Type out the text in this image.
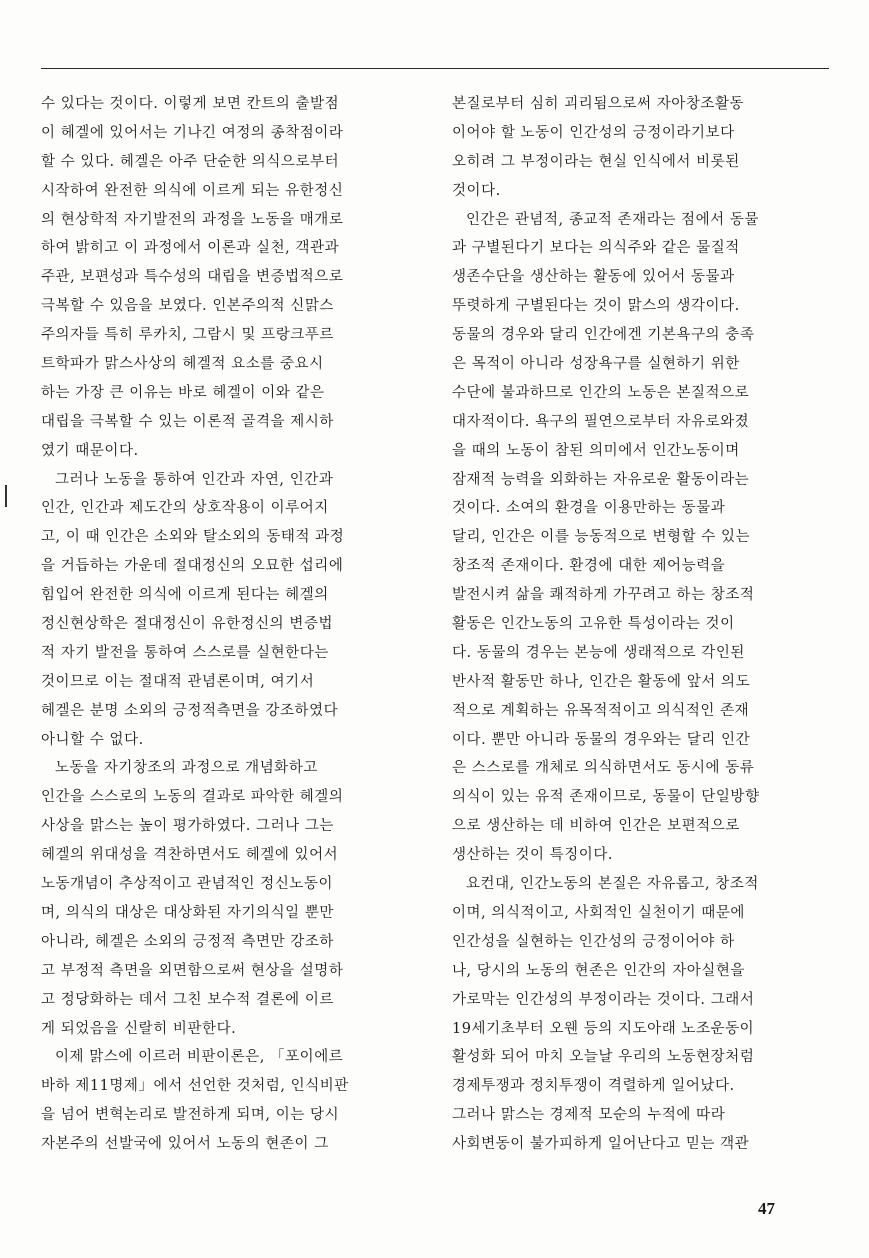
수 있다는 것이다. 이렇게 보면 칸트의 출발점
이 헤겔에 있어서는 기나긴 여정의 종착점이라
할 수 있다. 헤겔은 아주 단순한 의식으로부터
시작하여 완전한 의식에 이르게 되는 유한정신
의 현상학적 자기발전의 과정을 노동을 매개로
하여 밝히고 이 과정에서 이론과 실천, 객관과
주관, 보편성과 특수성의 대립을 변증법적으로
극복할 수 있음을 보였다. 인본주의적 신맑스
주의자들 특히 루카치, 그람시 및 프랑크푸르
트학파가 맑스사상의 헤겔적 요소를 중요시
하는 가장 큰 이유는 바로 헤겔이 이와 같은
대립을 극복할 수 있는 이론적 골격을 제시하
였기 때문이다.
그러나 노동을 통하여 인간과 자연, 인간과
인간, 인간과 제도간의 상호작용이 이루어지
고, 이 때 인간은 소외와 탈소외의 동태적 과정
을 거듭하는 가운데 절대정신의 오묘한 섭리에
힘입어 완전한 의식에 이르게 된다는 헤겔의
정신현상학은 절대정신이 유한정신의 변증법
적 자기 발전을 통하여 스스로를 실현한다는
것이므로 이는 절대적 관념론이며, 여기서
헤겔은 분명 소외의 긍정적측면을 강조하였다
아니할 수 없다.
노동을 자기창조의 과정으로 개념화하고
인간을 스스로의 노동의 결과로 파악한 헤겔의
사상을 맑스는 높이 평가하였다. 그러나 그는
헤겔의 위대성을 격찬하면서도 헤겔에 있어서
노동개념이 추상적이고 관념적인 정신노동이
며, 의식의 대상은 대상화된 자기의식일 뿐만
아니라, 헤겔은 소외의 긍정적 측면만 강조하
고 부정적 측면을 외면함으로써 현상을 설명하
고 정당화하는 데서 그친 보수적 결론에 이르
게 되었음을 신랄히 비판한다.
이제 맑스에 이르러 비판이론은, 「포이에르
바하 제11명제」에서 선언한 것처럼, 인식비판
을 넘어 변혁논리로 발전하게 되며, 이는 당시
자본주의 선발국에 있어서 노동의 현존이 그
본질로부터 심히 괴리됨으로써 자아창조활동
이어야 할 노동이 인간성의 긍정이라기보다
오히려 그 부정이라는 현실 인식에서 비롯된
것이다.
인간은 관념적, 종교적 존재라는 점에서 동물
과 구별된다기 보다는 의식주와 같은 물질적
생존수단을 생산하는 활동에 있어서 동물과
뚜렷하게 구별된다는 것이 맑스의 생각이다.
동물의 경우와 달리 인간에겐 기본욕구의 충족
은 목적이 아니라 성장욕구를 실현하기 위한
수단에 불과하므로 인간의 노동은 본질적으로
대자적이다. 욕구의 필연으로부터 자유로와졌
을 때의 노동이 참된 의미에서 인간노동이며
잠재적 능력을 외화하는 자유로운 활동이라는
것이다. 소여의 환경을 이용만하는 동물과
달리, 인간은 이를 능동적으로 변형할 수 있는
창조적 존재이다. 환경에 대한 제어능력을
발전시켜 삶을 쾌적하게 가꾸려고 하는 창조적
활동은 인간노동의 고유한 특성이라는 것이
다. 동물의 경우는 본능에 생래적으로 각인된
반사적 활동만 하나, 인간은 활동에 앞서 의도
적으로 계획하는 유목적적이고 의식적인 존재
이다. 뿐만 아니라 동물의 경우와는 달리 인간
은 스스로를 개체로 의식하면서도 동시에 동류
의식이 있는 유적 존재이므로, 동물이 단일방향
으로 생산하는 데 비하여 인간은 보편적으로
생산하는 것이 특징이다.
요컨대, 인간노동의 본질은 자유롭고, 창조적
이며, 의식적이고, 사회적인 실천이기 때문에
인간성을 실현하는 인간성의 긍정이어야 하
나, 당시의 노동의 현존은 인간의 자아실현을
가로막는 인간성의 부정이라는 것이다. 그래서
19세기초부터 오웬 등의 지도아래 노조운동이
활성화 되어 마치 오늘날 우리의 노동현장처럼
경제투쟁과 정치투쟁이 격렬하게 일어났다.
그러나 맑스는 경제적 모순의 누적에 따라
사회변동이 불가피하게 일어난다고 믿는 객관
47
